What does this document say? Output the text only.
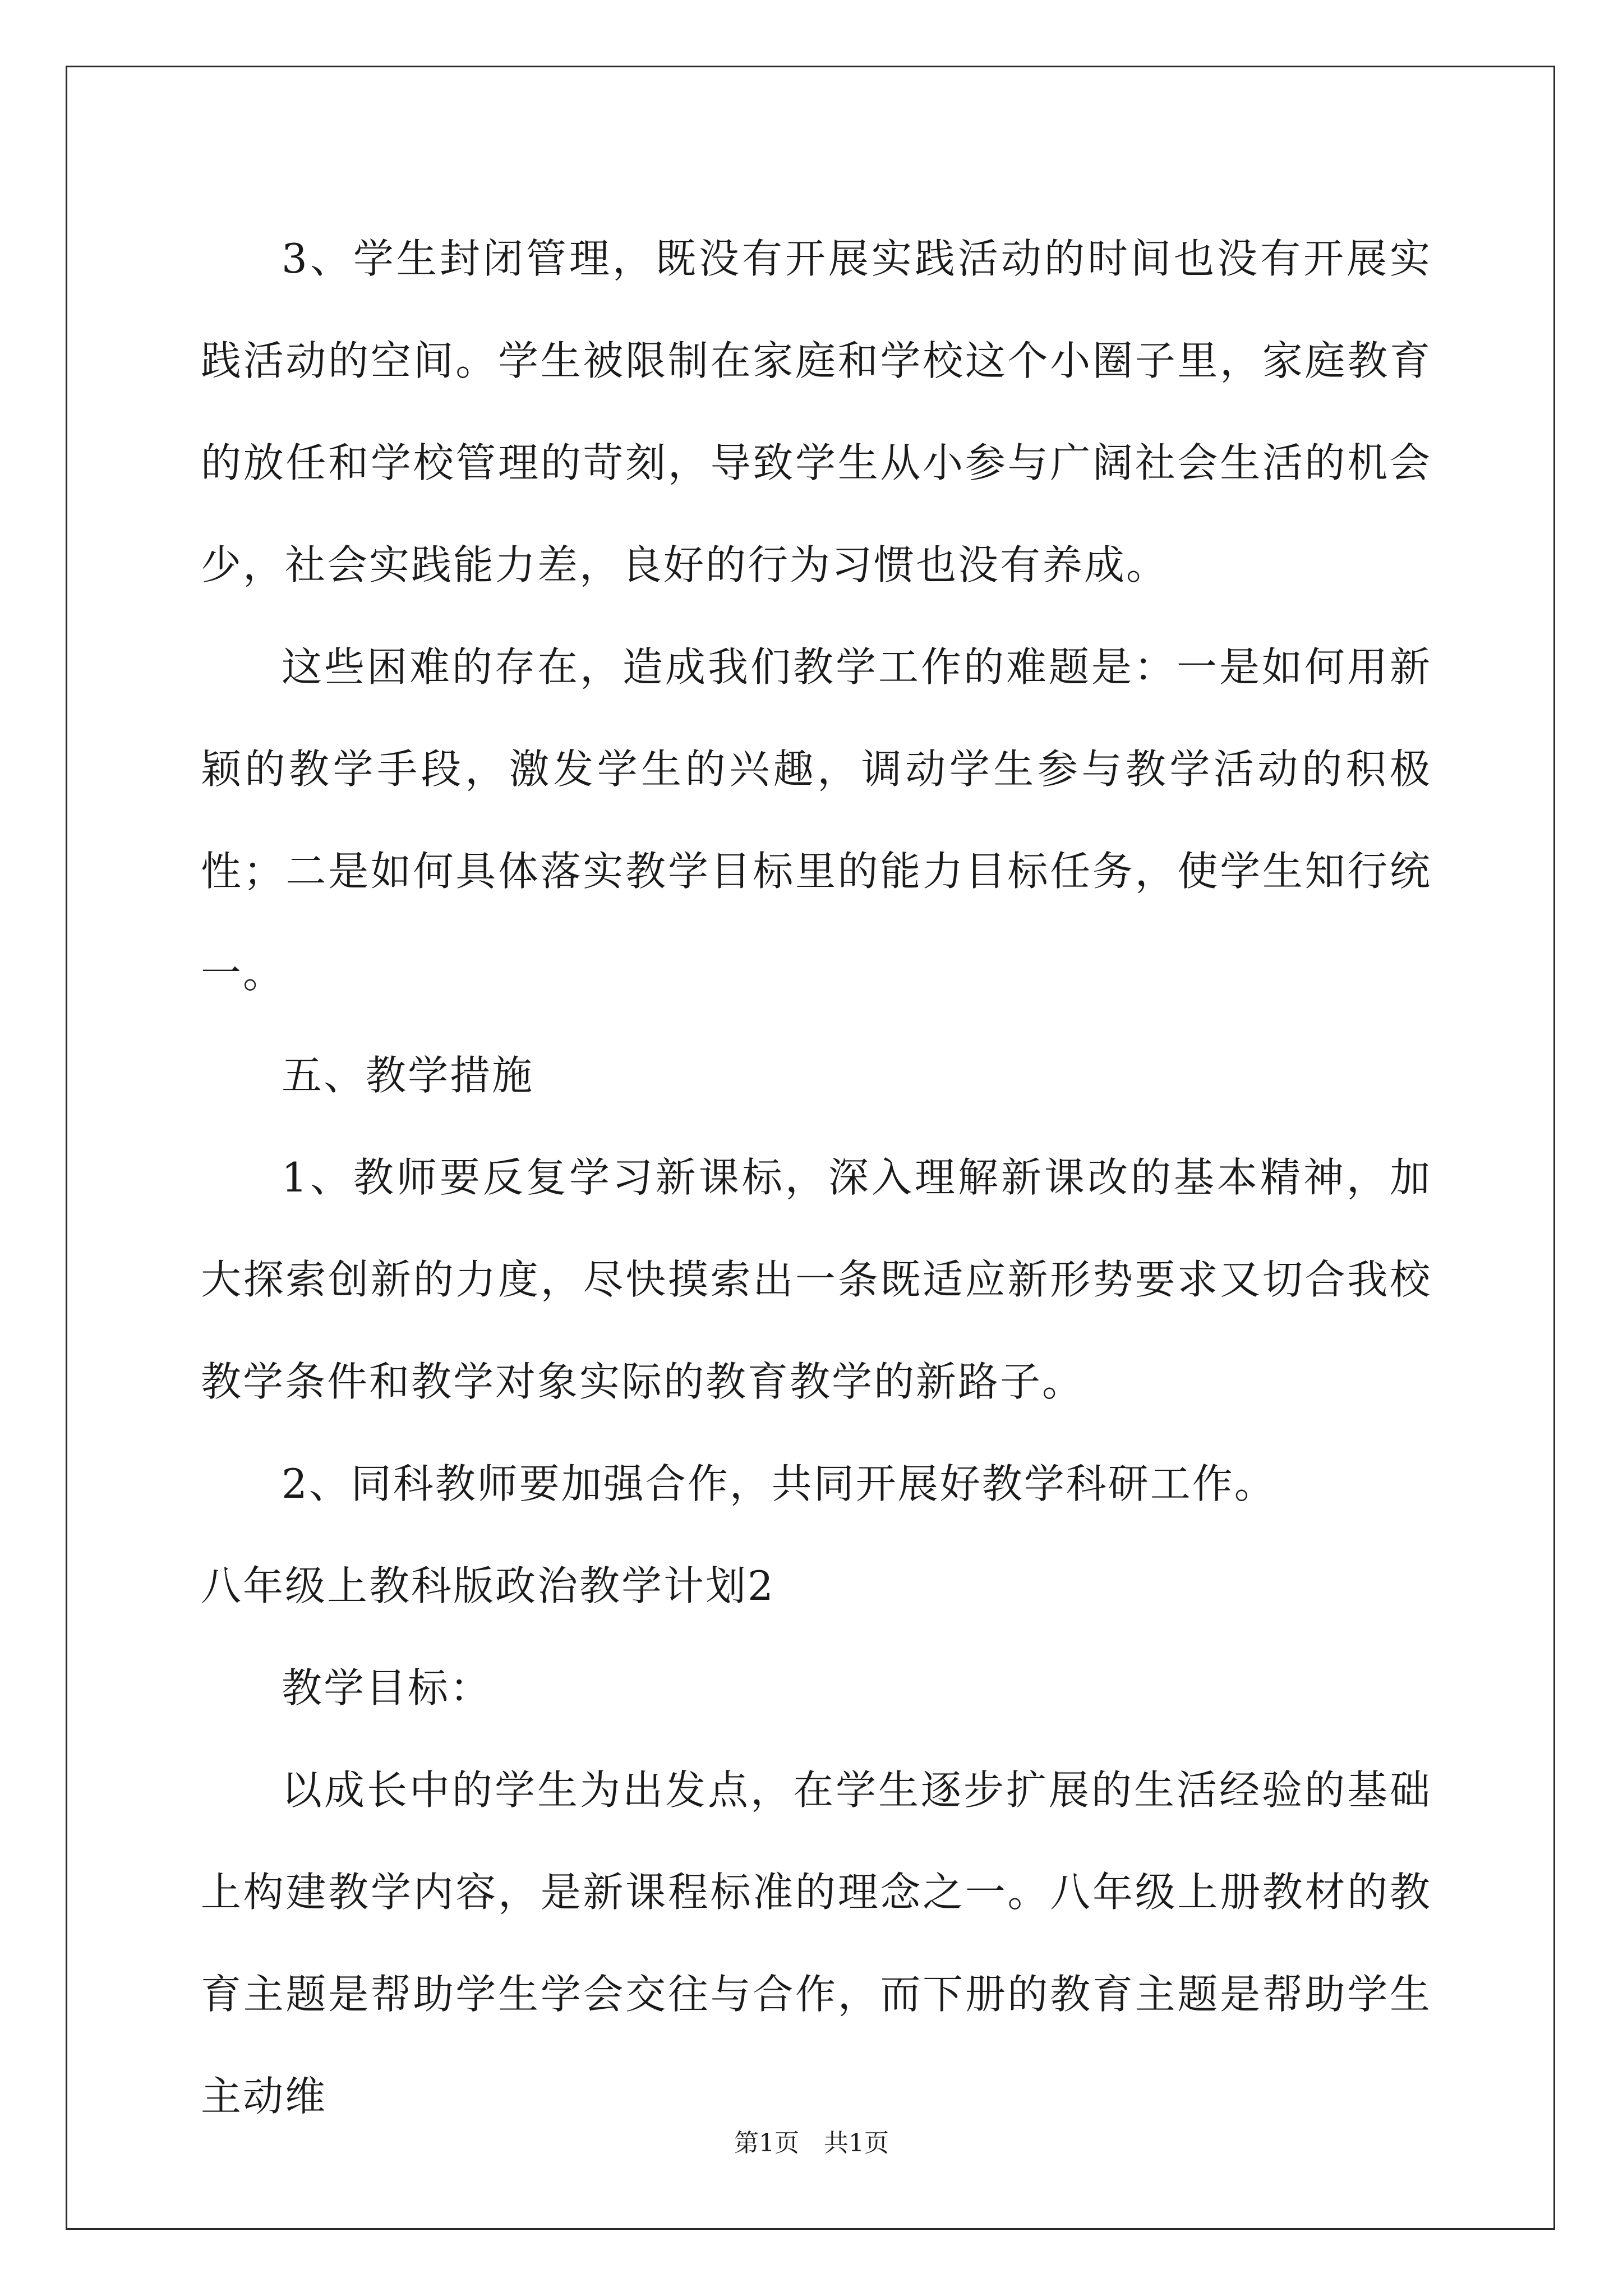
3、学生封闭管理，既没有开展实践活动的时间也没有开展实践活动的空间。学生被限制在家庭和学校这个小圈子里，家庭教育的放任和学校管理的苛刻，导致学生从小参与广阔社会生活的机会少，社会实践能力差，良好的行为习惯也没有养成。

这些困难的存在，造成我们教学工作的难题是：一是如何用新颖的教学手段，激发学生的兴趣，调动学生参与教学活动的积极性；二是如何具体落实教学目标里的能力目标任务，使学生知行统一。

五、教学措施

1、教师要反复学习新课标，深入理解新课改的基本精神，加大探索创新的力度，尽快摸索出一条既适应新形势要求又切合我校教学条件和教学对象实际的教育教学的新路子。

2、同科教师要加强合作，共同开展好教学科研工作。

八年级上教科版政治教学计划2

教学目标：

以成长中的学生为出发点，在学生逐步扩展的生活经验的基础上构建教学内容，是新课程标准的理念之一。八年级上册教材的教育主题是帮助学生学会交往与合作，而下册的教育主题是帮助学生主动维

第1页　共1页
